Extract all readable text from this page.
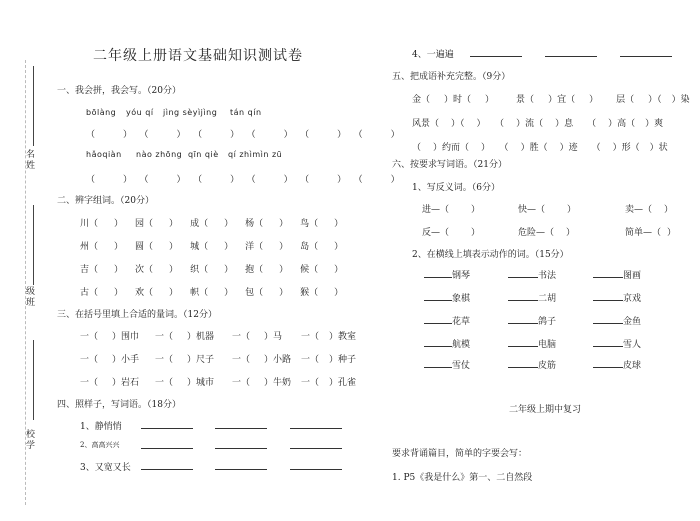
名 姓
级班
校 学
二年级上册语文基础知识测试卷
一、我会拼，我会写。（20分）
bōlàng yóu qí jìng sèyìjìng tán qín
（	） （	） （	） （	） （	） （	）
hǎoqiàn nào zhōng qīn qiè qí zhìmìn zū
（	） （	） （	） （	） （	） （	）
二、辨字组词。（20分）
川（ ） 园（ ） 成（ ） 杨（ ） 鸟（ ）
州（ ） 圆（ ） 城（ ） 洋（ ） 岛（ ）
吉（ ） 次（ ） 织（ ） 抱（ ） 候（ ）
古（ ） 欢（ ） 帜（ ） 包（ ） 猴（ ）
三、在括号里填上合适的量词。（12分）
一（ ）围巾 一（ ）机器 一（ ）马 一（ ）教室
一（ ）小手 一（ ）尺子 一（ ）小路 一（ ）种子
一（ ）岩石 一（ ）城市 一（ ）牛奶 一（ ）孔雀
四、照样子，写词语。（18分）
1、静悄悄
2、高高兴兴
3、又宽又长
4、一遍遍
五、把成语补充完整。（9分）
金（ ）时（ ） 景（ ）宜（ ） 层（ ）（ ）染
风景（ ）（ ） （ ）流（ ）息 （ ）高（ ）爽
（ ）约而（ ） （ ）胜（ ）迹 （ ）形（ ）状
六、按要求写词语。（21分）
1、写反义词。（6分）
进—（ ）	快—（ ）	卖—（ ）
反—（ ）	危险—（ ）	简单—（ ）
2、在横线上填表示动作的词。（15分）
钢琴	书法	图画
象棋	二胡	京戏
花草	鸽子	金鱼
航模	电脑	雪人
雪仗	皮筋	皮球
二年级上期中复习
要求背诵篇目，简单的字要会写：
1. P5《我是什么》第一、二自然段
